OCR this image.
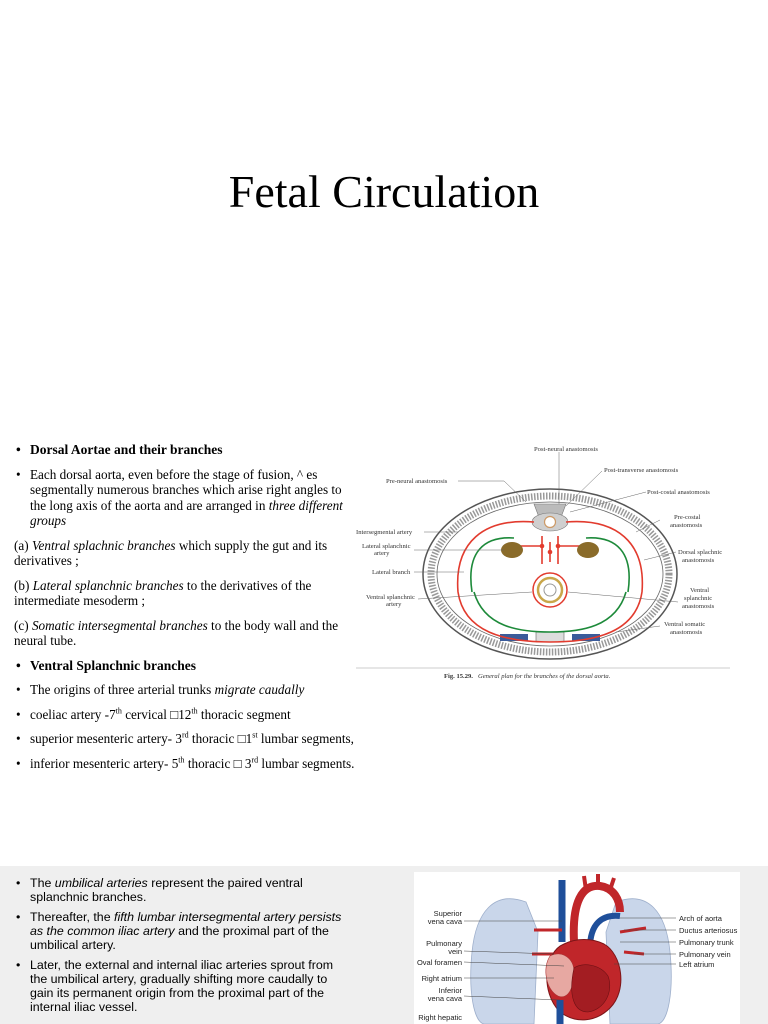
Fetal Circulation

• Dorsal Aortae and their branches

• Each dorsal aorta, even before the stage of fusion, ^ es segmentally numerous branches which arise right angles to the long axis of the aorta and are arranged in three different groups

(a) Ventral splachnic branches which supply the gut and its derivatives ;

(b) Lateral splanchnic branches to the derivatives of the intermediate mesoderm ;

(c) Somatic intersegmental branches to the body wall and the neural tube.

• Ventral Splanchnic branches

• The origins of three arterial trunks migrate caudally

• coeliac artery -7th cervical □12th thoracic segment

• superior mesenteric artery- 3rd thoracic □1st lumbar segments,

• inferior mesenteric artery- 5th thoracic □ 3rd lumbar segments.

Pre-neural anastomosis
Intersegmental artery
Lateral splanchnic
artery
Lateral branch
Ventral splanchnic
artery
Post-neural anastomosis
Post-transverse anastomosis
Post-costal anastomosis
Pre-costal
anastomosis
Dorsal splachnic
anastomosis
Ventral
splanchnic
anastomosis
Ventral somatic
anastomosis
Fig. 15.29. General plan for the branches of the dorsal aorta.

• The umbilical arteries represent the paired ventral splanchnic branches.

• Thereafter, the fifth lumbar intersegmental artery persists as the common iliac artery and the proximal part of the umbilical artery.

• Later, the external and internal iliac arteries sprout from the umbilical artery, gradually shifting more caudally to gain its permanent origin from the proximal part of the internal iliac vessel.

Superior
vena cava
Pulmonary
vein
Oval foramen
Right atrium
Inferior
vena cava
Right hepatic
Arch of aorta
Ductus arteriosus
Pulmonary trunk
Pulmonary vein
Left atrium
